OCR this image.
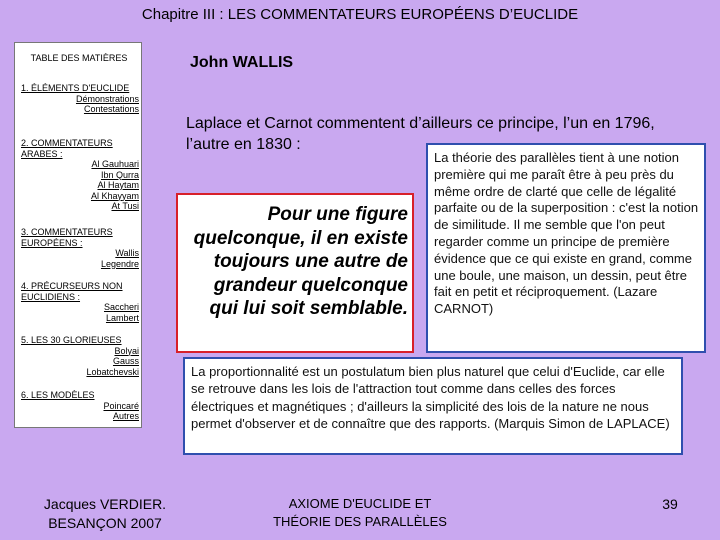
Chapitre III : LES COMMENTATEURS EUROPÉENS D’EUCLIDE
TABLE DES MATIÈRES
1. ÉLÉMENTS D'EUCLIDE
Démonstrations
Contestations
2. COMMENTATEURS ARABES :
Al Gauhuari
Ibn Qurra
Al Haytam
Al Khayyam
At Tusi
3. COMMENTATEURS EUROPÉENS :
Wallis
Legendre
4. PRÉCURSEURS NON EUCLIDIENS :
Saccheri
Lambert
5. LES 30 GLORIEUSES
Bolyai
Gauss
Lobatchevski
6. LES MODÈLES
Poincaré
Autres
John WALLIS
Laplace et Carnot commentent d’ailleurs ce principe, l’un en 1796, l’autre en 1830 :
Pour une figure quelconque, il en existe toujours une autre de grandeur quelconque qui lui soit semblable.
La théorie des parallèles tient à une notion première qui me paraît être à peu près du même ordre de clarté que celle de légalité parfaite ou de la superposition : c'est la notion de similitude. Il me semble que l'on peut regarder comme un principe de première évidence que ce qui existe en grand, comme une boule, une maison, un dessin, peut être fait en petit et réciproquement. (Lazare CARNOT)
La proportionnalité est un postulatum bien plus naturel que celui d'Euclide, car elle se retrouve dans les lois de l'attraction tout comme dans celles des forces électriques et magnétiques ; d'ailleurs la simplicité des lois de la nature ne nous permet d'observer et de connaître que des rapports. (Marquis Simon de LAPLACE)
Jacques VERDIER.
BESANÇON 2007
AXIOME D'EUCLIDE ET
THÉORIE DES PARALLÈLES
39
